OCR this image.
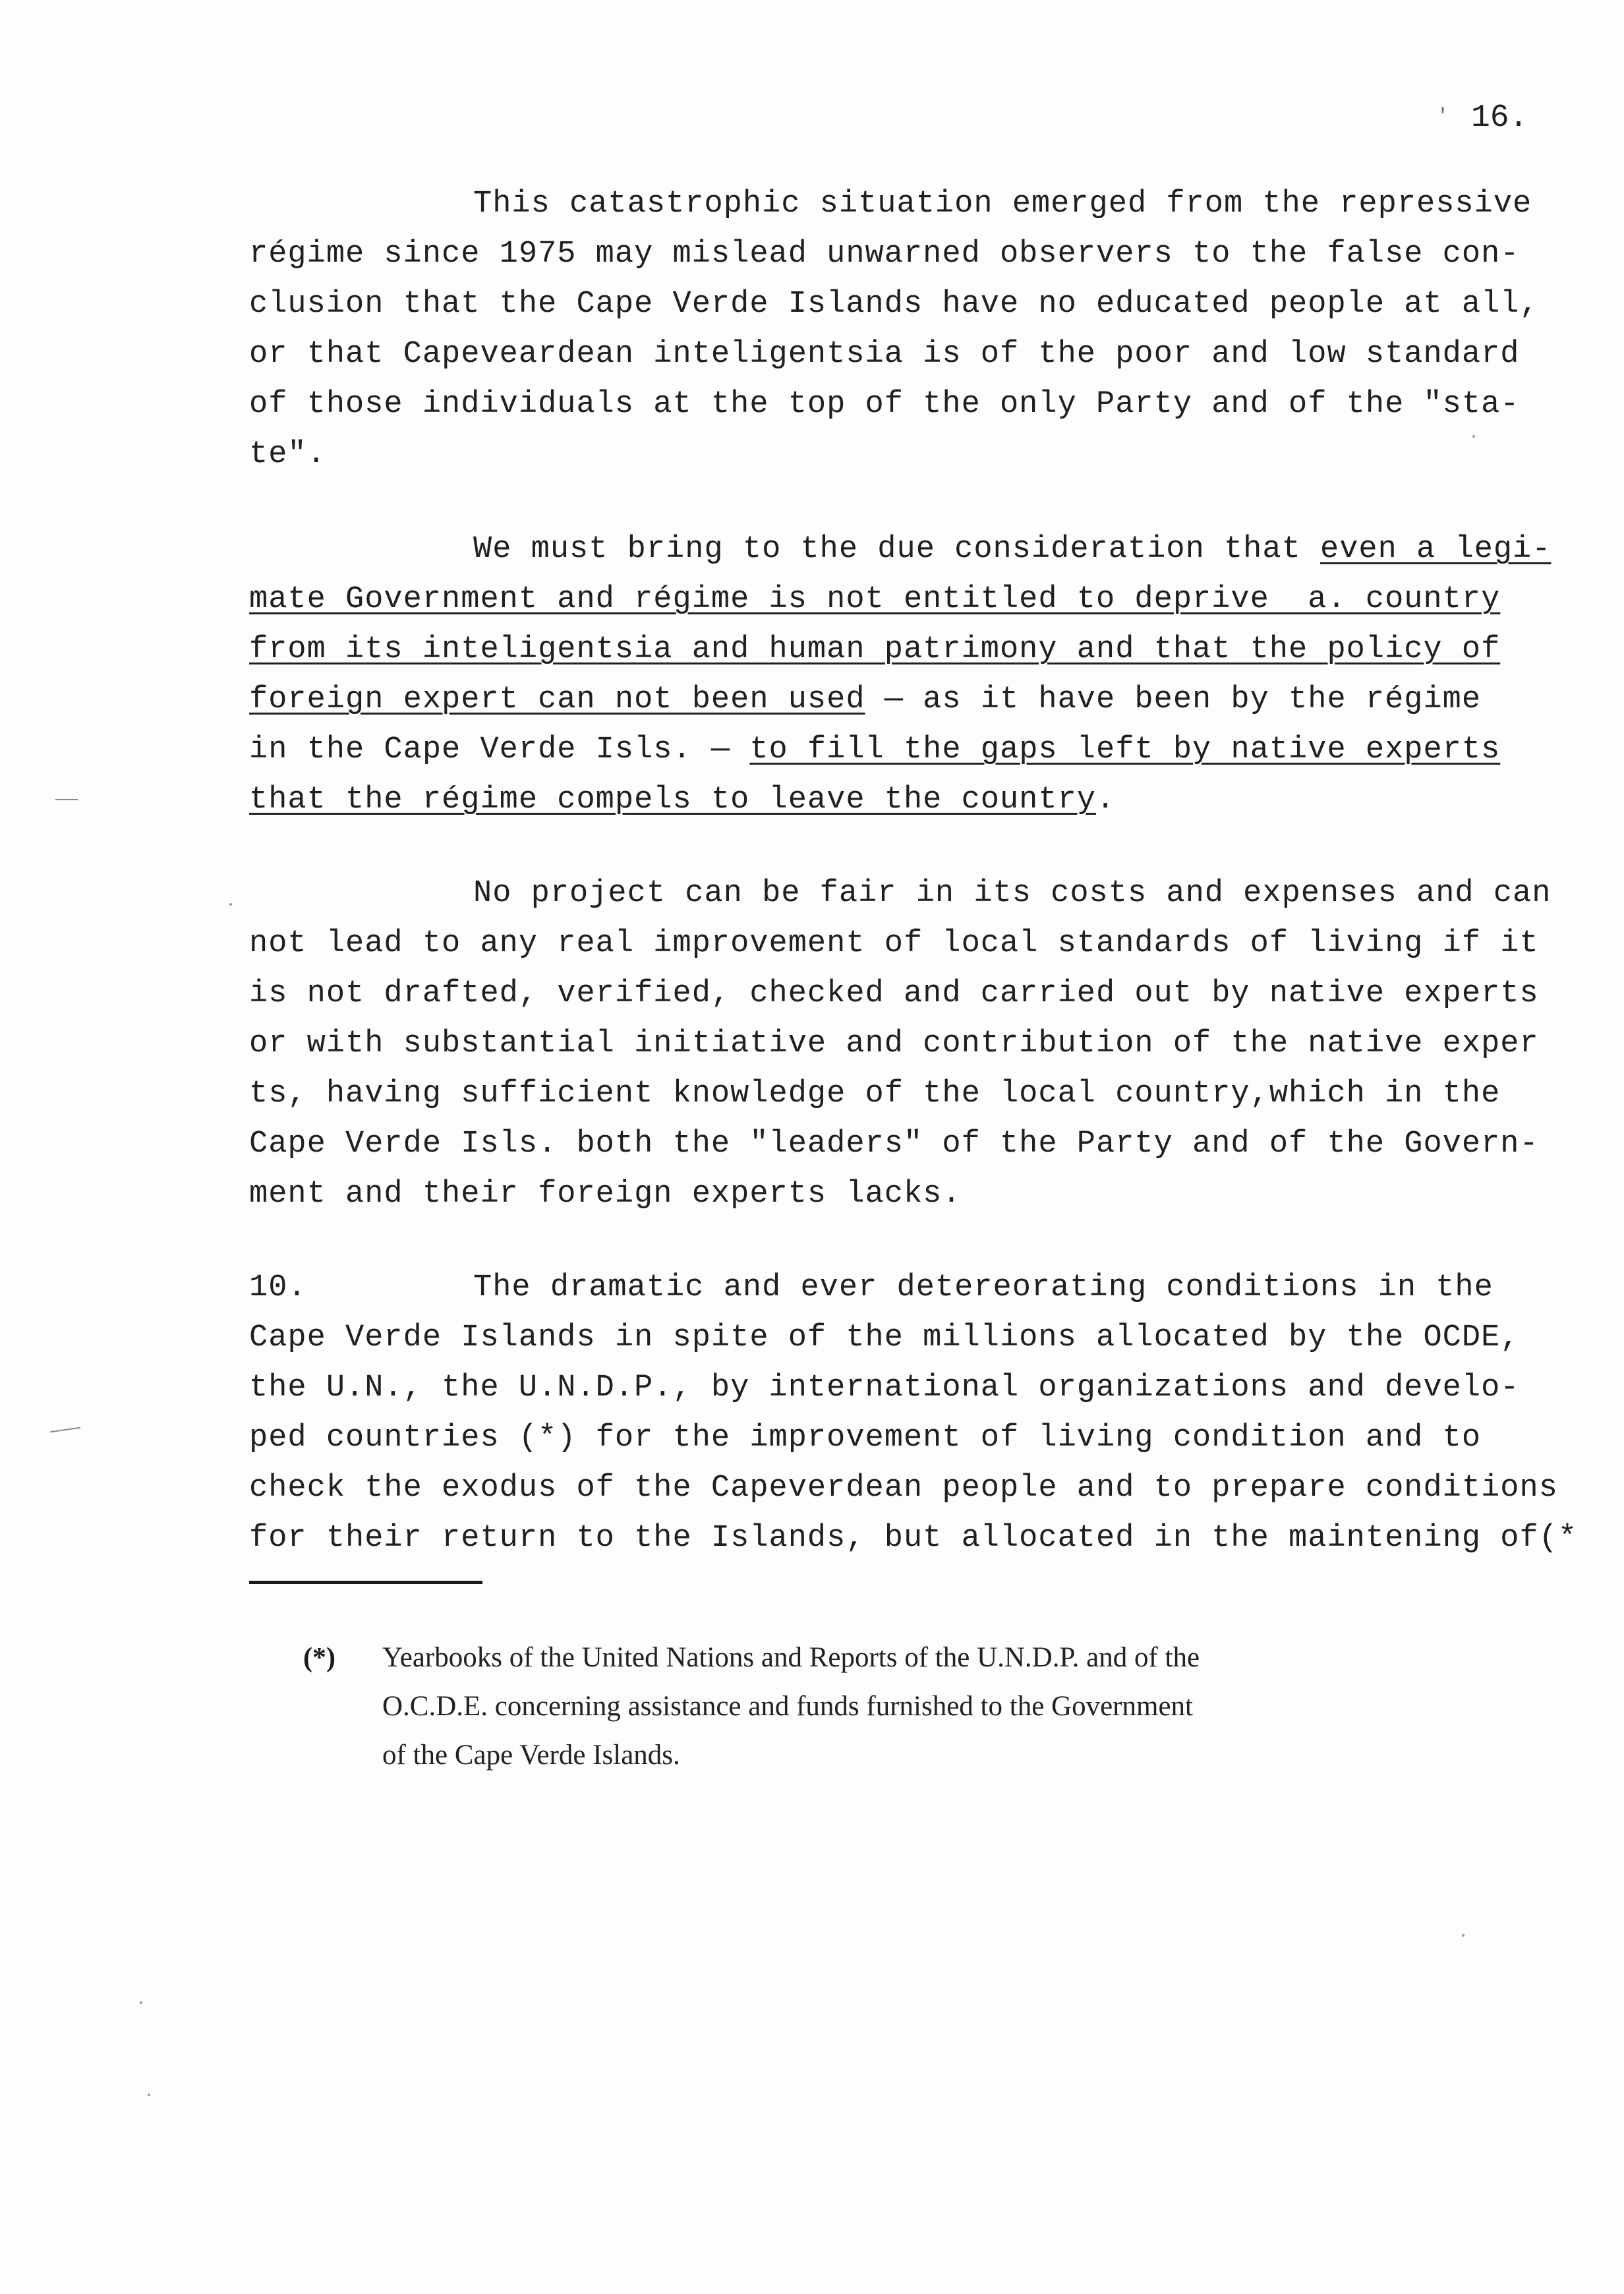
' 16.
This catastrophic situation emerged from the repressive
régime since 1975 may mislead unwarned observers to the false con-
clusion that the Cape Verde Islands have no educated people at all,
or that Capeveardean inteligentsia is of the poor and low standard
of those individuals at the top of the only Party and of the "sta-
te".
We must bring to the due consideration that even a legi-
mate Government and régime is not entitled to deprive  a. country
from its inteligentsia and human patrimony and that the policy of
foreign expert can not been used — as it have been by the régime
in the Cape Verde Isls. — to fill the gaps left by native experts
that the régime compels to leave the country.
No project can be fair in its costs and expenses and can
not lead to any real improvement of local standards of living if it
is not drafted, verified, checked and carried out by native experts
or with substantial initiative and contribution of the native exper
ts, having sufficient knowledge of the local country,which in the
Cape Verde Isls. both the "leaders" of the Party and of the Govern-
ment and their foreign experts lacks.
10.	The dramatic and ever detereorating conditions in the
Cape Verde Islands in spite of the millions allocated by the OCDE,
the U.N., the U.N.D.P., by international organizations and develo-
ped countries (*) for the improvement of living condition and to
check the exodus of the Capeverdean people and to prepare conditions
for their return to the Islands, but allocated in the maintening of(*
(*) Yearbooks of the United Nations and Reports of the U.N.D.P. and of the
O.C.D.E. concerning assistance and funds furnished to the Government
of the Cape Verde Islands.
